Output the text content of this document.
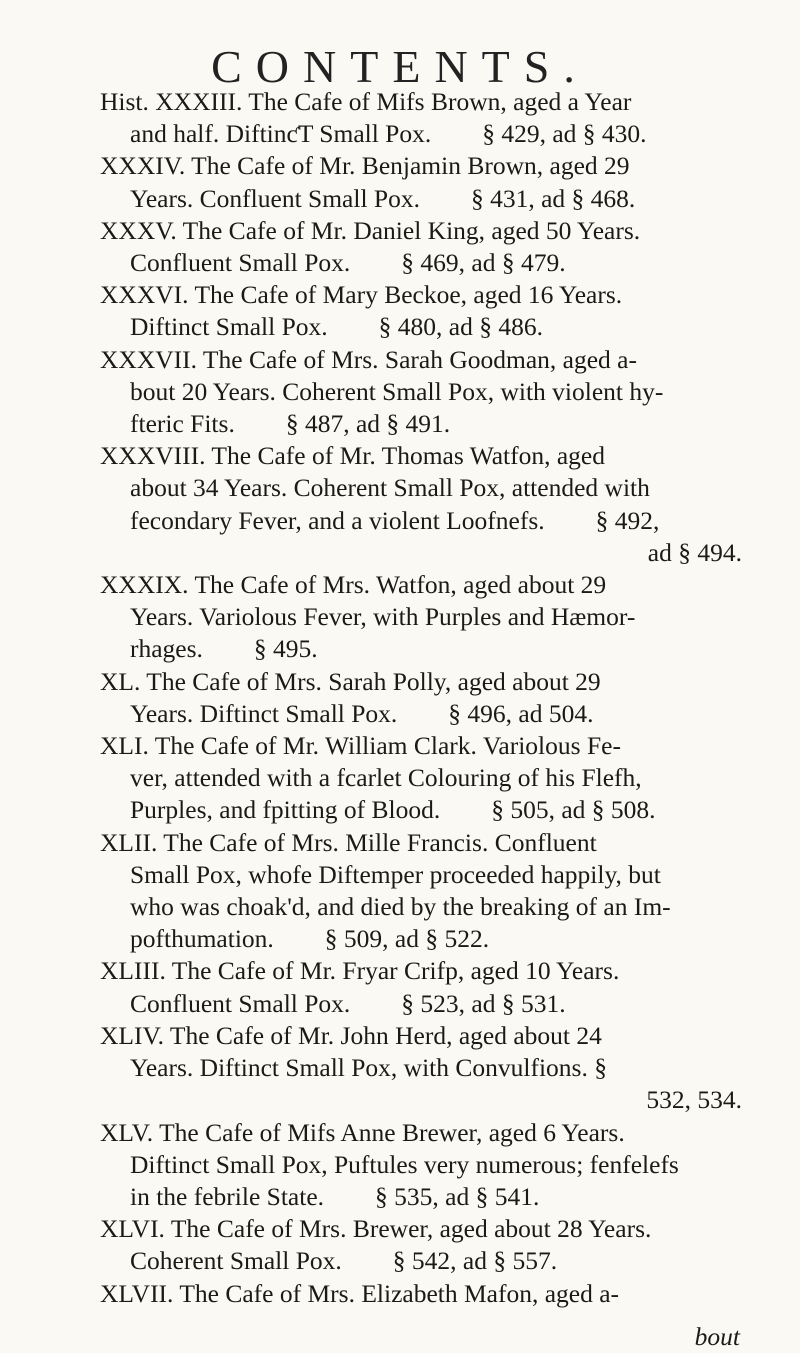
CONTENTS.
Hist. XXXIII. The Cafe of Mifs Brown, aged a Year
and half. DiftinƈT Small Pox.  § 429, ad § 430.
XXXIV. The Cafe of Mr. Benjamin Brown, aged 29
Years. Confluent Small Pox.  § 431, ad § 468.
XXXV. The Cafe of Mr. Daniel King, aged 50 Years.
Confluent Small Pox.  § 469, ad § 479.
XXXVI. The Cafe of Mary Beckoe, aged 16 Years.
Diftinct Small Pox.  § 480, ad § 486.
XXXVII. The Cafe of Mrs. Sarah Goodman, aged a-
bout 20 Years. Coherent Small Pox, with violent hy-
fteric Fits.  § 487, ad § 491.
XXXVIII. The Cafe of Mr. Thomas Watfon, aged
about 34 Years. Coherent Small Pox, attended with
fecondary Fever, and a violent Loofnefs.  § 492,
ad § 494.
XXXIX. The Cafe of Mrs. Watfon, aged about 29
Years. Variolous Fever, with Purples and Hæmor-
rhages.  § 495.
XL. The Cafe of Mrs. Sarah Polly, aged about 29
Years. Diftinct Small Pox.  § 496, ad 504.
XLI. The Cafe of Mr. William Clark. Variolous Fe-
ver, attended with a fcarlet Colouring of his Flefh,
Purples, and fpitting of Blood.  § 505, ad § 508.
XLII. The Cafe of Mrs. Mille Francis. Confluent
Small Pox, whofe Diftemper proceeded happily, but
who was choak'd, and died by the breaking of an Im-
pofthumation.  § 509, ad § 522.
XLIII. The Cafe of Mr. Fryar Crifp, aged 10 Years.
Confluent Small Pox.  § 523, ad § 531.
XLIV. The Cafe of Mr. John Herd, aged about 24
Years. Diftinct Small Pox, with Convulfions. §
532, 534.
XLV. The Cafe of Mifs Anne Brewer, aged 6 Years.
Diftinct Small Pox, Puftules very numerous; fenfelefs
in the febrile State.  § 535, ad § 541.
XLVI. The Cafe of Mrs. Brewer, aged about 28 Years.
Coherent Small Pox.  § 542, ad § 557.
XLVII. The Cafe of Mrs. Elizabeth Mafon, aged a-
bout
